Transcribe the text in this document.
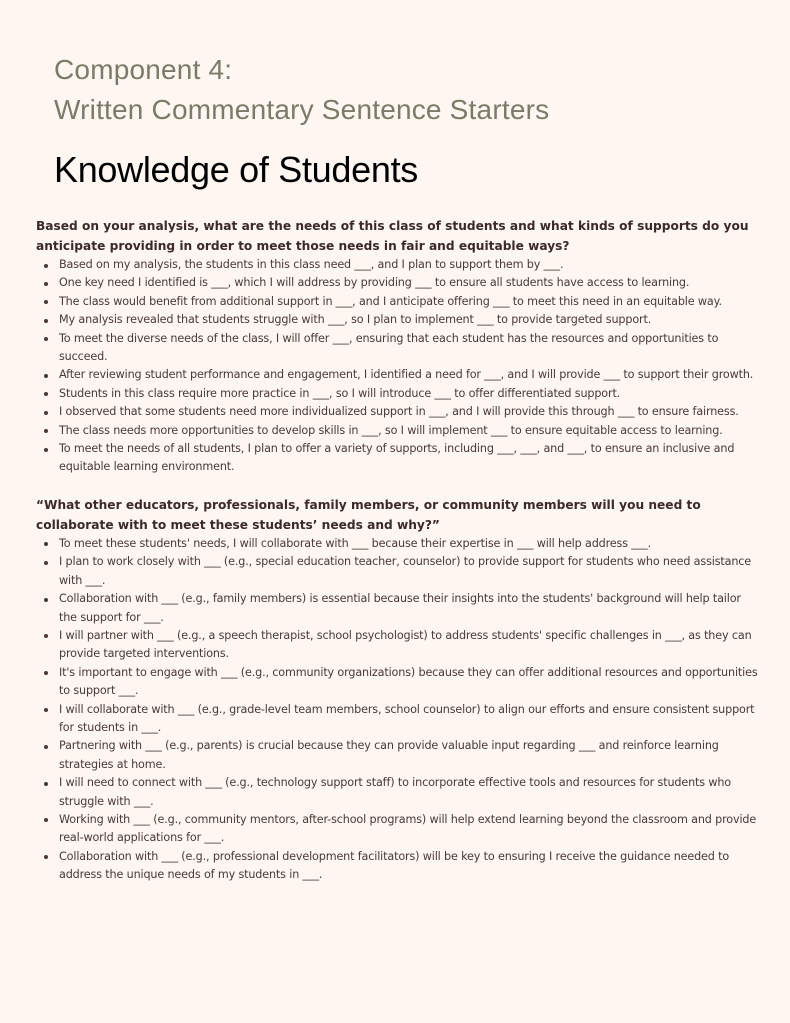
Component 4:
Written Commentary Sentence Starters
Knowledge of Students

Based on your analysis, what are the needs of this class of students and what kinds of supports do you anticipate providing in order to meet those needs in fair and equitable ways?

Based on my analysis, the students in this class need ___, and I plan to support them by ___.
One key need I identified is ___, which I will address by providing ___ to ensure all students have access to learning.
The class would benefit from additional support in ___, and I anticipate offering ___ to meet this need in an equitable way.
My analysis revealed that students struggle with ___, so I plan to implement ___ to provide targeted support.
To meet the diverse needs of the class, I will offer ___, ensuring that each student has the resources and opportunities to succeed.
After reviewing student performance and engagement, I identified a need for ___, and I will provide ___ to support their growth.
Students in this class require more practice in ___, so I will introduce ___ to offer differentiated support.
I observed that some students need more individualized support in ___, and I will provide this through ___ to ensure fairness.
The class needs more opportunities to develop skills in ___, so I will implement ___ to ensure equitable access to learning.
To meet the needs of all students, I plan to offer a variety of supports, including ___, ___, and ___, to ensure an inclusive and equitable learning environment.

“What other educators, professionals, family members, or community members will you need to collaborate with to meet these students’ needs and why?”

To meet these students' needs, I will collaborate with ___ because their expertise in ___ will help address ___.
I plan to work closely with ___ (e.g., special education teacher, counselor) to provide support for students who need assistance with ___.
Collaboration with ___ (e.g., family members) is essential because their insights into the students' background will help tailor the support for ___.
I will partner with ___ (e.g., a speech therapist, school psychologist) to address students' specific challenges in ___, as they can provide targeted interventions.
It's important to engage with ___ (e.g., community organizations) because they can offer additional resources and opportunities to support ___.
I will collaborate with ___ (e.g., grade-level team members, school counselor) to align our efforts and ensure consistent support for students in ___.
Partnering with ___ (e.g., parents) is crucial because they can provide valuable input regarding ___ and reinforce learning strategies at home.
I will need to connect with ___ (e.g., technology support staff) to incorporate effective tools and resources for students who struggle with ___.
Working with ___ (e.g., community mentors, after-school programs) will help extend learning beyond the classroom and provide real-world applications for ___.
Collaboration with ___ (e.g., professional development facilitators) will be key to ensuring I receive the guidance needed to address the unique needs of my students in ___.
